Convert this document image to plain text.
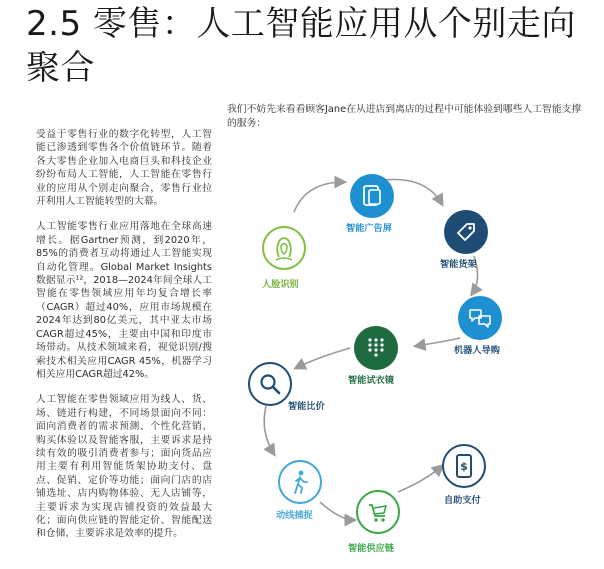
2.5 零售：人工智能应用从个别走向聚合

受益于零售行业的数字化转型，人工智能已渗透到零售各个价值链环节。随着各大零售企业加入电商巨头和科技企业纷纷布局人工智能，人工智能在零售行业的应用从个别走向聚合，零售行业拉开利用人工智能转型的大幕。

人工智能零售行业应用落地在全球高速增长。据Gartner预测，到2020年，85%的消费者互动将通过人工智能实现自动化管理。Global Market Insights数据显示¹²，2018—2024年间全球人工智能在零售领域应用年均复合增长率（CAGR）超过40%，应用市场规模在2024年达到80亿美元，其中亚太市场CAGR超过45%，主要由中国和印度市场带动。从技术领域来看，视觉识别/搜索技术相关应用CAGR 45%，机器学习相关应用CAGR超过42%。

人工智能在零售领域应用为线人、货、场、链进行构建，不同场景面向不同：面向消费者的需求预测、个性化营销、购买体验以及智能客服，主要诉求是持续有效的吸引消费者参与；面向货品应用主要有利用智能货架协助支付、盘点、促销、定价等功能；面向门店的店铺选址、店内购物体验、无人店铺等，主要诉求为实现店铺投资的效益最大化；面向供应链的智能定价、智能配送和仓储，主要诉求是效率的提升。

我们不妨先来看看顾客Jane在从进店到离店的过程中可能体验到哪些人工智能支撑的服务：
人脸识别
智能广告屏
智能货架
机器人导购
智能试衣镜
智能比价
$
自助支付
动线捕捉
智能供应链
